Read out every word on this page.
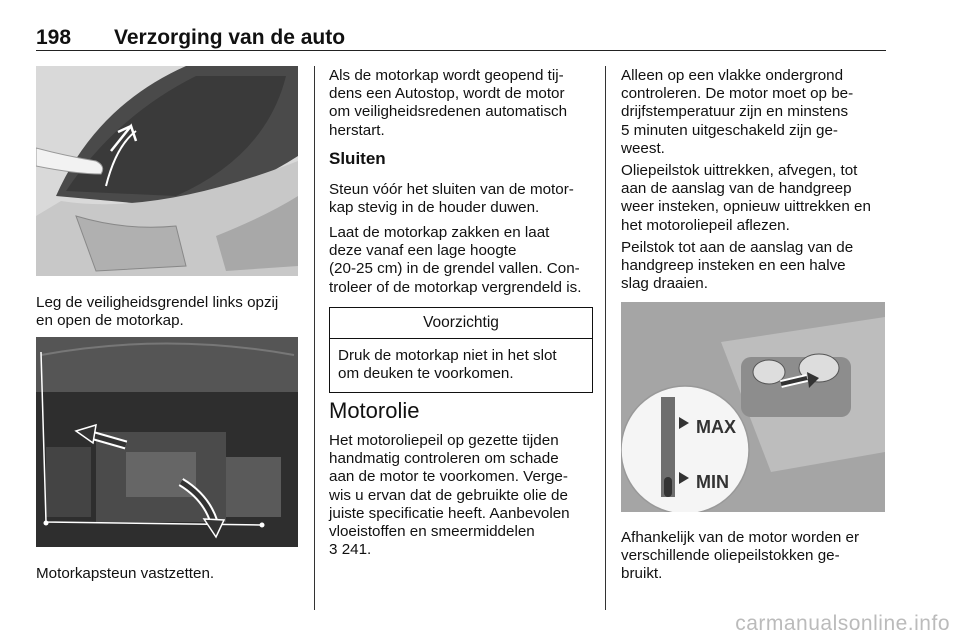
198 Verzorging van de auto

Leg de veiligheidsgrendel links opzij

en open de motorkap.

Motorkapsteun vastzetten.

Als de motorkap wordt geopend tij-

dens een Autostop, wordt de motor

om veiligheidsredenen automatisch

herstart.

Sluiten

Steun vóór het sluiten van de motor-

kap stevig in de houder duwen.

Laat de motorkap zakken en laat

deze vanaf een lage hoogte

(20-25 cm) in de grendel vallen. Con-

troleer of de motorkap vergrendeld is.

Voorzichtig

Druk de motorkap niet in het slot

om deuken te voorkomen.

Motorolie

Het motoroliepeil op gezette tijden

handmatig controleren om schade

aan de motor te voorkomen. Verge-

wis u ervan dat de gebruikte olie de

juiste specificatie heeft. Aanbevolen

vloeistoffen en smeermiddelen

3 241.

Alleen op een vlakke ondergrond

controleren. De motor moet op be-

drijfstemperatuur zijn en minstens

5 minuten uitgeschakeld zijn ge-

weest.

Oliepeilstok uittrekken, afvegen, tot

aan de aanslag van de handgreep

weer insteken, opnieuw uittrekken en

het motoroliepeil aflezen.

Peilstok tot aan de aanslag van de

handgreep insteken en een halve

slag draaien.

MAX
MIN

Afhankelijk van de motor worden er

verschillende oliepeilstokken ge-

bruikt.

carmanualsonline.info
